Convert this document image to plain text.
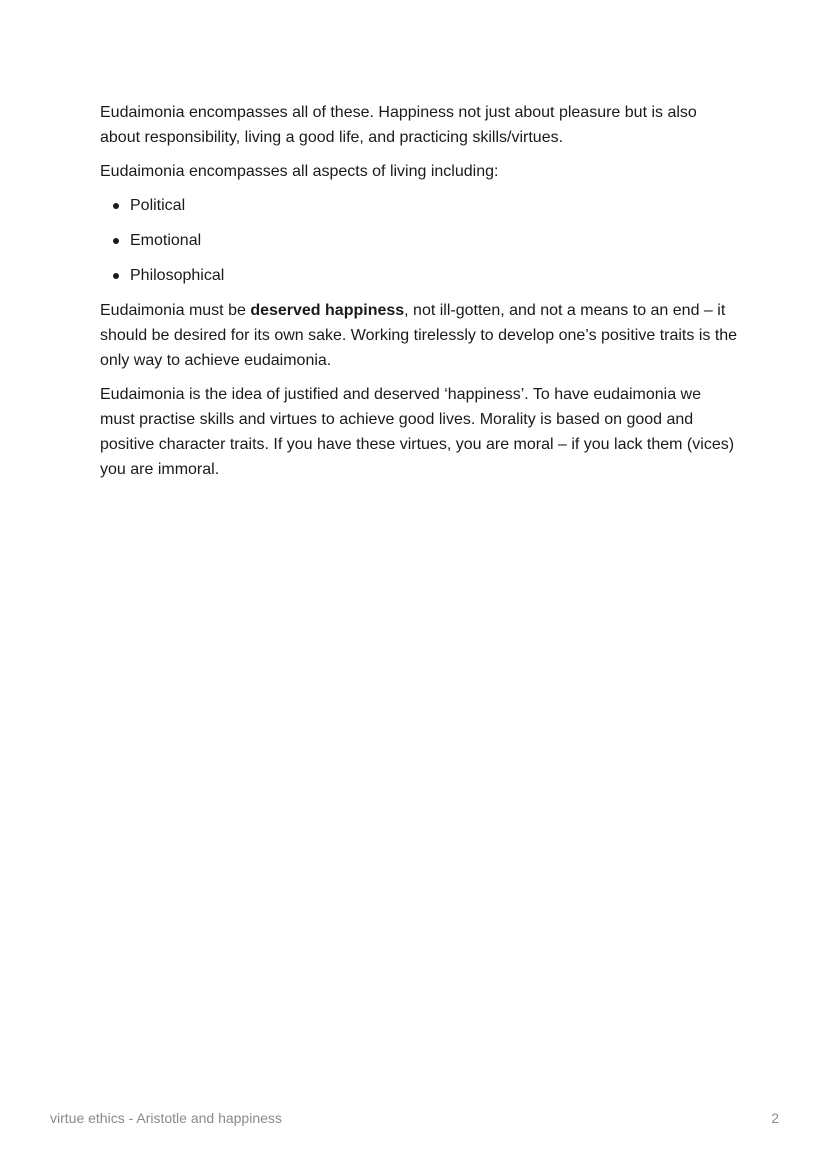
Eudaimonia encompasses all of these. Happiness not just about pleasure but is also about responsibility, living a good life, and practicing skills/virtues.

Eudaimonia encompasses all aspects of living including:

Political
Emotional
Philosophical

Eudaimonia must be deserved happiness, not ill-gotten, and not a means to an end – it should be desired for its own sake. Working tirelessly to develop one’s positive traits is the only way to achieve eudaimonia.

Eudaimonia is the idea of justified and deserved ‘happiness’. To have eudaimonia we must practise skills and virtues to achieve good lives. Morality is based on good and positive character traits. If you have these virtues, you are moral – if you lack them (vices) you are immoral.

virtue ethics - Aristotle and happiness	2
